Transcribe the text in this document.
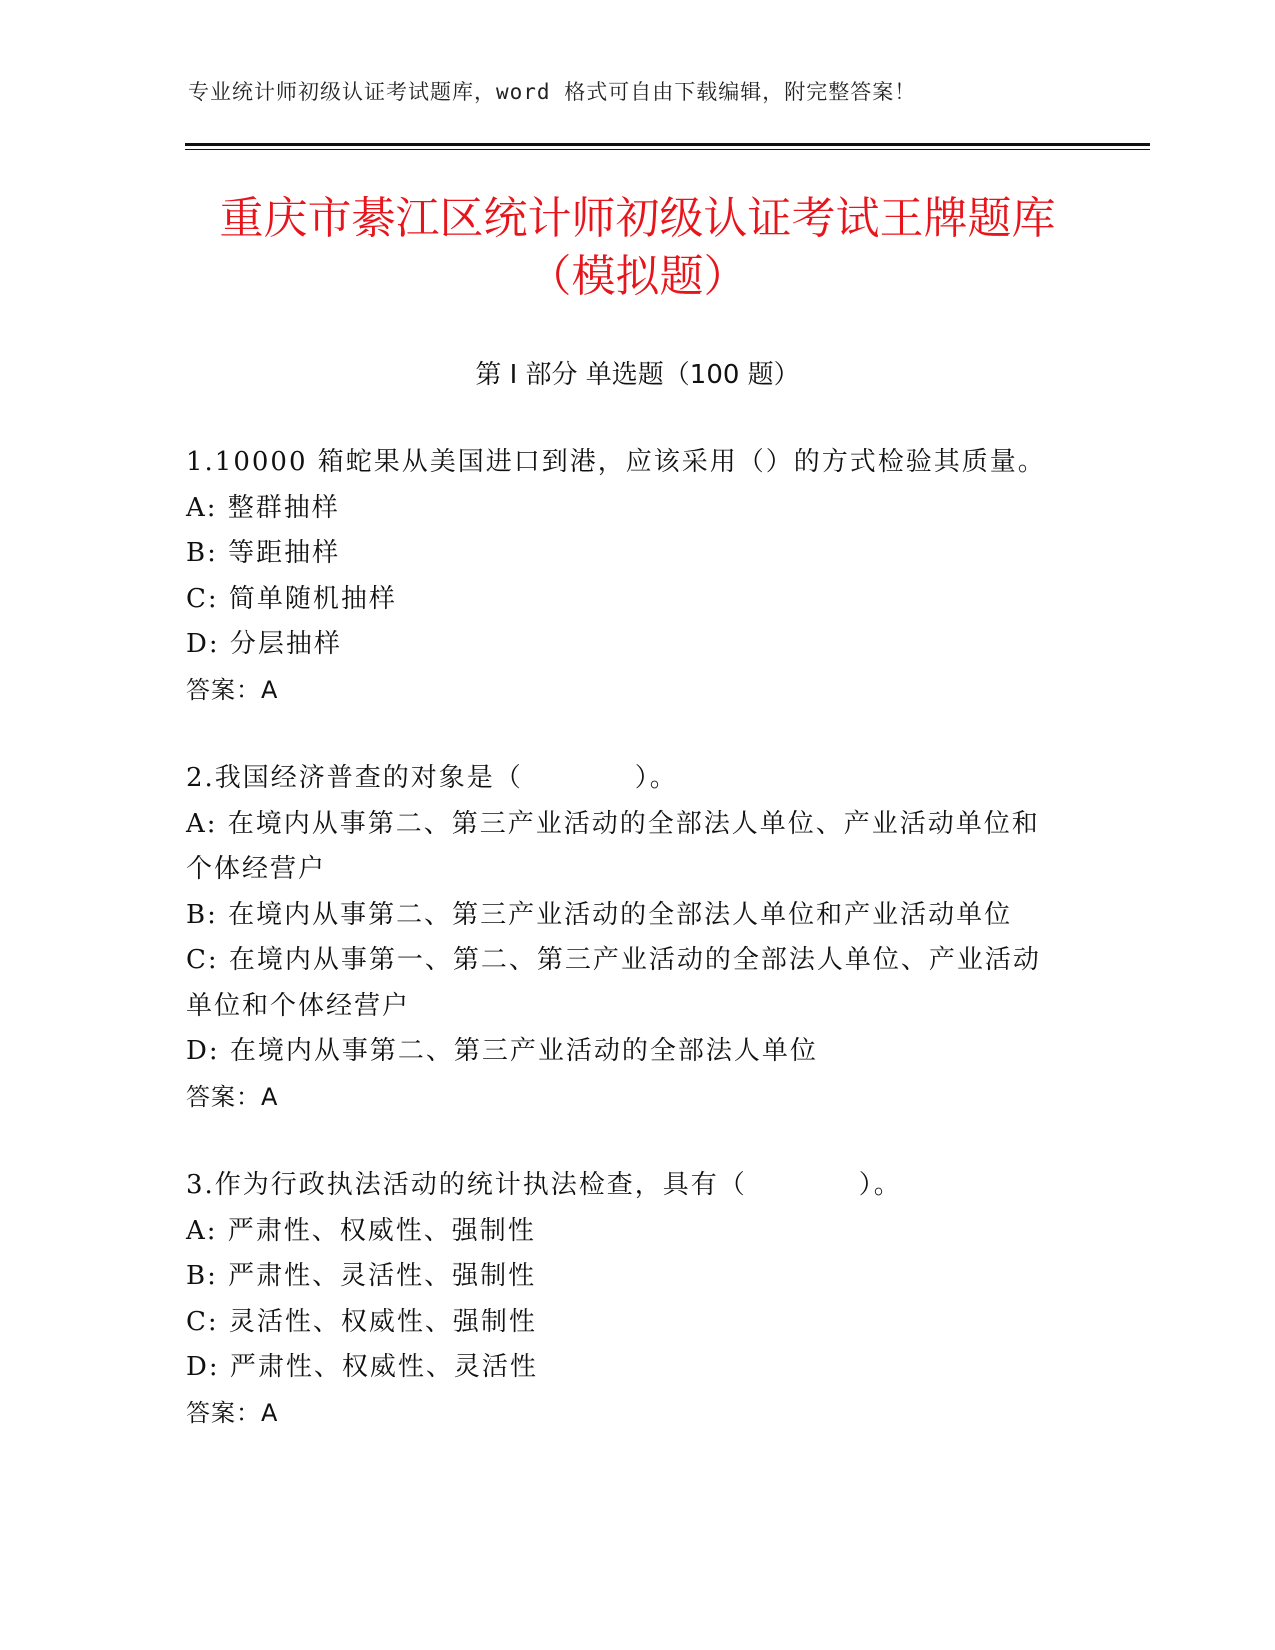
专业统计师初级认证考试题库，word 格式可自由下载编辑，附完整答案！
重庆市綦江区统计师初级认证考试王牌题库
（模拟题）
第 I 部分 单选题（100 题）
1.10000 箱蛇果从美国进口到港，应该采用（）的方式检验其质量。
A: 整群抽样
B: 等距抽样
C: 简单随机抽样
D: 分层抽样
答案：A
2.我国经济普查的对象是（　　　　）。
A: 在境内从事第二、第三产业活动的全部法人单位、产业活动单位和个体经营户
B: 在境内从事第二、第三产业活动的全部法人单位和产业活动单位
C: 在境内从事第一、第二、第三产业活动的全部法人单位、产业活动单位和个体经营户
D: 在境内从事第二、第三产业活动的全部法人单位
答案：A
3.作为行政执法活动的统计执法检查，具有（　　　　）。
A: 严肃性、权威性、强制性
B: 严肃性、灵活性、强制性
C: 灵活性、权威性、强制性
D: 严肃性、权威性、灵活性
答案：A
